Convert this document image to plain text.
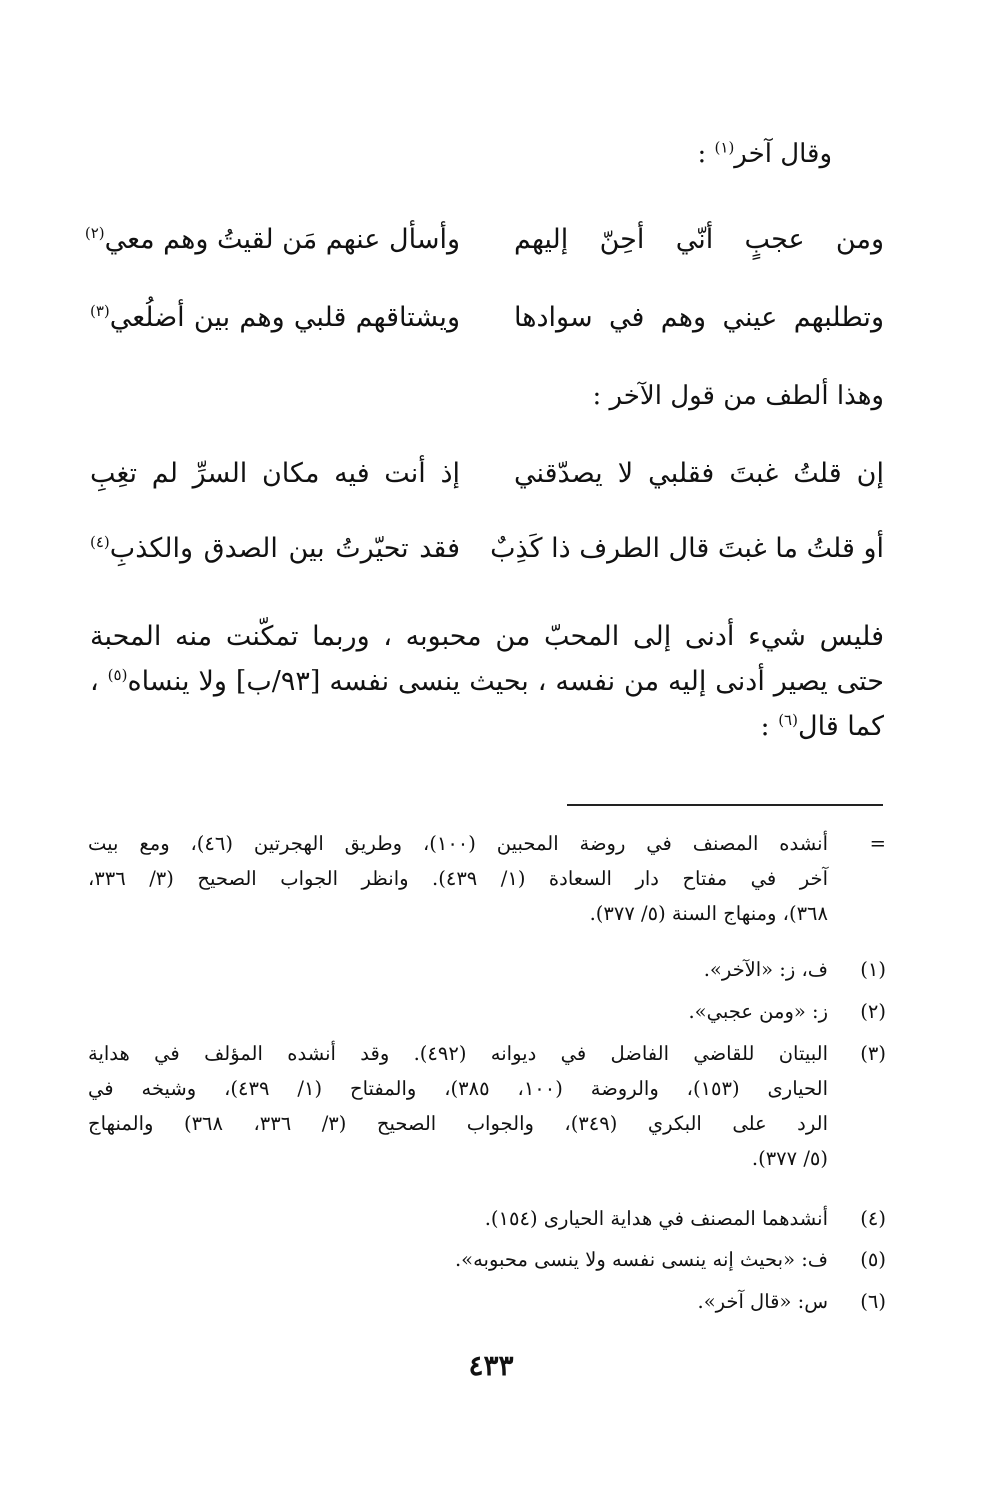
وقال آخر$^{(١)}$ :
ومن عجبٍ أنّي أحِنّ إليهم
وأسأل عنهم مَن لقيتُ وهم معي$^{(٢)}$
وتطلبهم عيني وهم في سوادها
ويشتاقهم قلبي وهم بين أضلُعي$^{(٣)}$
وهذا ألطف من قول الآخر :
إن قلتُ غبتَ فقلبي لا يصدّقني
إذ أنت فيه مكان السرِّ لم تغِبِ
أو قلتُ ما غبتَ قال الطرف ذا كَذِبٌ
فقد تحيّرتُ بين الصدق والكذبِ$^{(٤)}$
فليس شيء أدنى إلى المحبّ من محبوبه ، وربما تمكّنت منه المحبة
حتى يصير أدنى إليه من نفسه ، بحيث ينسى نفسه [٩٣/ب] ولا ينساه$^{(٥)}$ ،
كما قال$^{(٦)}$ :
=
أنشده المصنف في روضة المحبين (١٠٠)، وطريق الهجرتين (٤٦)، ومع بيت
آخر في مفتاح دار السعادة (١/ ٤٣٩). وانظر الجواب الصحيح (٣/ ٣٣٦،
٣٦٨)، ومنهاج السنة (٥/ ٣٧٧).
(١)
ف، ز: «الآخر».
(٢)
ز: «ومن عجبي».
(٣)
البيتان للقاضي الفاضل في ديوانه (٤٩٢). وقد أنشده المؤلف في هداية
الحيارى (١٥٣)، والروضة (١٠٠، ٣٨٥)، والمفتاح (١/ ٤٣٩)، وشيخه في
الرد على البكري (٣٤٩)، والجواب الصحيح (٣/ ٣٣٦، ٣٦٨) والمنهاج
(٥/ ٣٧٧).
(٤)
أنشدهما المصنف في هداية الحيارى (١٥٤).
(٥)
ف: «بحيث إنه ينسى نفسه ولا ينسى محبوبه».
(٦)
س: «قال آخر».
٤٣٣
